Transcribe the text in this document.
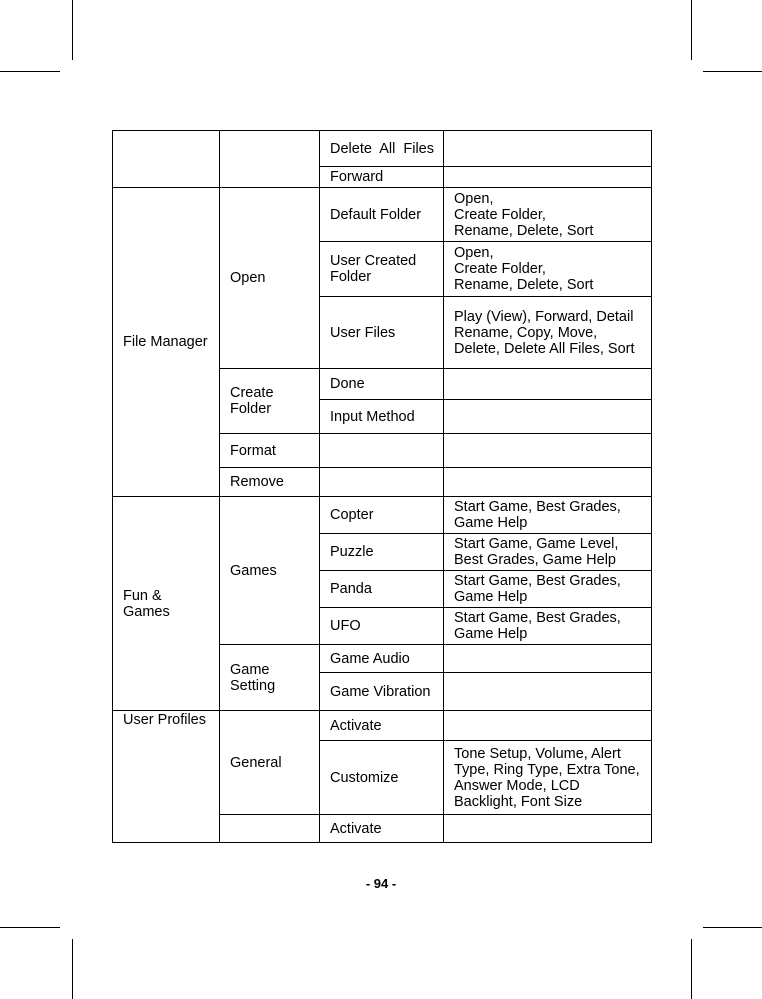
		Delete All Files	
		Forward	
File Manager	Open	Default Folder	Open,
Create Folder,
Rename, Delete, Sort

		User Created Folder	Open,
Create Folder,
Rename, Delete, Sort

		User Files	Play (View), Forward, Detail Rename, Copy, Move, Delete, Delete All Files, Sort
	Create Folder	Done	
		Input Method	
	Format		
	Remove		
Fun & Games	Games	Copter	Start Game, Best Grades, Game Help
		Puzzle	Start Game, Game Level, Best Grades, Game Help
		Panda	Start Game, Best Grades, Game Help
		UFO	Start Game, Best Grades, Game Help
	Game Setting	Game Audio	
		Game Vibration	
User Profiles	General	Activate	
		Customize	Tone Setup, Volume, Alert Type, Ring Type, Extra Tone, Answer Mode, LCD Backlight, Font Size
		Activate	
- 94 -
